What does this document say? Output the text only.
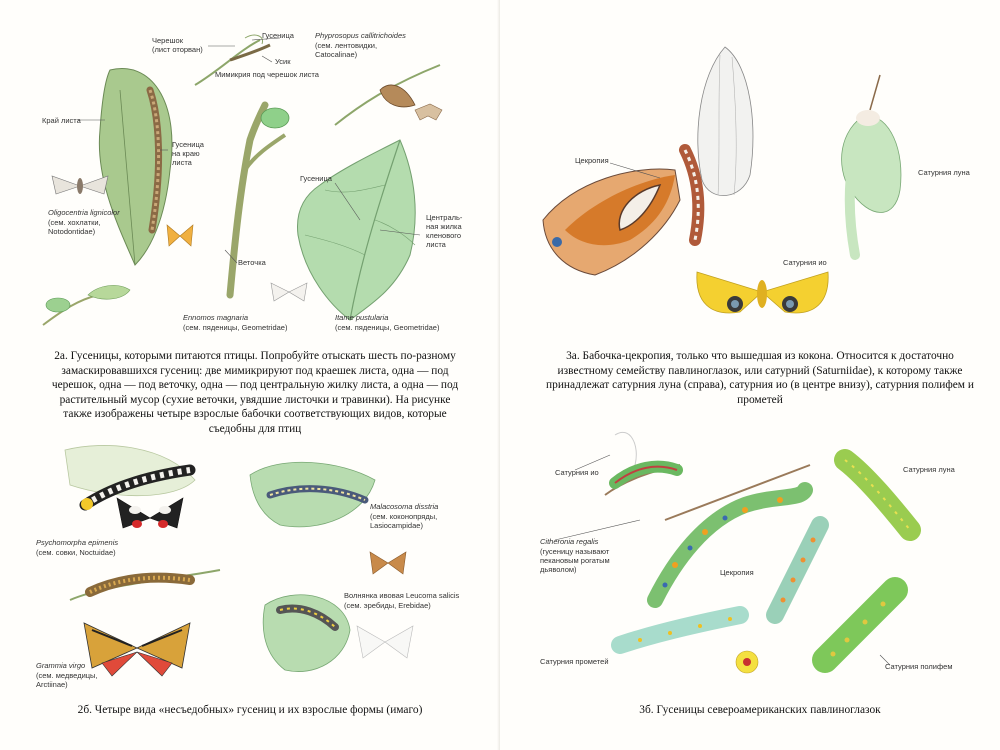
Черешок
(лист оторван)
Гусеница
Усик
Phyprosopus callitrichoides
(сем. лентовидки,
Catocalinae)
Мимикрия под черешок листа
Край листа
Гусеница
на краю
листа
Oligocentria lignicolor
(сем. хохлатки,
Notodontidae)
Гусеница
Централь-
ная жилка
кленового
листа
Веточка
Ennomos magnaria
(сем. пяденицы, Geometridae)
Itame pustularia
(сем. пяденицы, Geometridae)
2а. Гусеницы, которыми питаются птицы. Попробуйте отыскать шесть по-разному замаскировавшихся гусениц: две мимикрируют под краешек листа, одна — под черешок, одна — под веточку, одна — под центральную жилку листа, а одна — под растительный мусор (сухие веточки, увядшие листочки и травинки). На рисунке также изображены четыре взрослые бабочки соответствующих видов, которые съедобны для птиц
Psychomorpha epimenis
(сем. совки, Noctuidae)
Malacosoma disstria
(сем. коконопряды,
Lasiocampidae)
Волнянка ивовая Leucoma salicis
(сем. эребиды, Erebidae)
Grammia virgo
(сем. медведицы,
Arctiinae)
2б. Четыре вида «несъедобных» гусениц и их взрослые формы (имаго)
Цекропия
Сатурния луна
Сатурния ио
3а. Бабочка-цекропия, только что вышедшая из кокона. Относится к достаточно известному семейству павлиноглазок, или сатурний (Saturniidae), к которому также принадлежат сатурния луна (справа), сатурния ио (в центре внизу), сатурния полифем и прометей
Сатурния ио	Сатурния луна
Citheronia regalis
(гусеницу называют
пекановым рогатым
дьяволом)	Цекропия
Сатурния прометей
Сатурния полифем
3б. Гусеницы североамериканских павлиноглазок
